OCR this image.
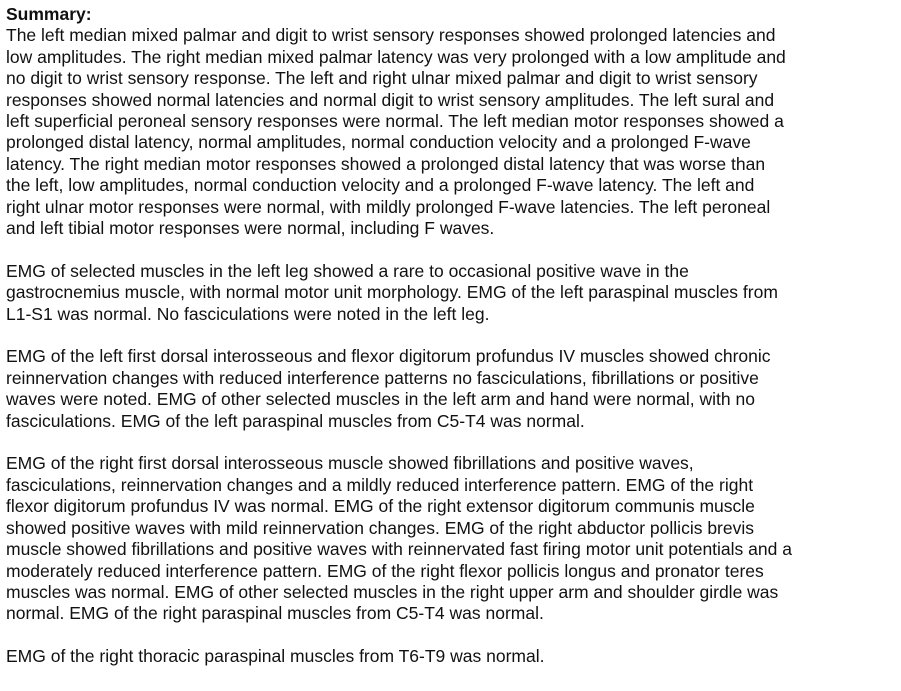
Summary:

The left median mixed palmar and digit to wrist sensory responses showed prolonged latencies and
low amplitudes. The right median mixed palmar latency was very prolonged with a low amplitude and
no digit to wrist sensory response. The left and right ulnar mixed palmar and digit to wrist sensory
responses showed normal latencies and normal digit to wrist sensory amplitudes. The left sural and
left superficial peroneal sensory responses were normal. The left median motor responses showed a
prolonged distal latency, normal amplitudes, normal conduction velocity and a prolonged F-wave
latency. The right median motor responses showed a prolonged distal latency that was worse than
the left, low amplitudes, normal conduction velocity and a prolonged F-wave latency. The left and
right ulnar motor responses were normal, with mildly prolonged F-wave latencies. The left peroneal
and left tibial motor responses were normal, including F waves.
EMG of selected muscles in the left leg showed a rare to occasional positive wave in the
gastrocnemius muscle, with normal motor unit morphology. EMG of the left paraspinal muscles from
L1-S1 was normal. No fasciculations were noted in the left leg.
EMG of the left first dorsal interosseous and flexor digitorum profundus IV muscles showed chronic
reinnervation changes with reduced interference patterns no fasciculations, fibrillations or positive
waves were noted. EMG of other selected muscles in the left arm and hand were normal, with no
fasciculations. EMG of the left paraspinal muscles from C5-T4 was normal.
EMG of the right first dorsal interosseous muscle showed fibrillations and positive waves,
fasciculations, reinnervation changes and a mildly reduced interference pattern. EMG of the right
flexor digitorum profundus IV was normal. EMG of the right extensor digitorum communis muscle
showed positive waves with mild reinnervation changes. EMG of the right abductor pollicis brevis
muscle showed fibrillations and positive waves with reinnervated fast firing motor unit potentials and a
moderately reduced interference pattern. EMG of the right flexor pollicis longus and pronator teres
muscles was normal. EMG of other selected muscles in the right upper arm and shoulder girdle was
normal. EMG of the right paraspinal muscles from C5-T4 was normal.
EMG of the right thoracic paraspinal muscles from T6-T9 was normal.
